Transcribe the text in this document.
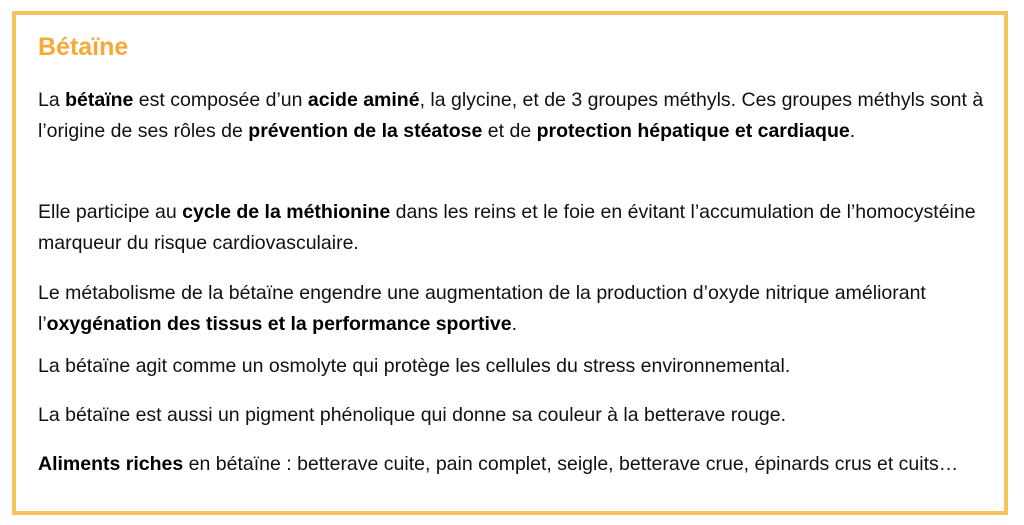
Bétaïne

La bétaïne est composée d’un acide aminé, la glycine, et de 3 groupes méthyls. Ces groupes méthyls sont à l’origine de ses rôles de prévention de la stéatose et de protection hépatique et cardiaque.

Elle participe au cycle de la méthionine dans les reins et le foie en évitant l’accumulation de l’homocystéine marqueur du risque cardiovasculaire.

Le métabolisme de la bétaïne engendre une augmentation de la production d’oxyde nitrique améliorant l’oxygénation des tissus et la performance sportive.

La bétaïne agit comme un osmolyte qui protège les cellules du stress environnemental.

La bétaïne est aussi un pigment phénolique qui donne sa couleur à la betterave rouge.

Aliments riches en bétaïne : betterave cuite, pain complet, seigle, betterave crue, épinards crus et cuits…
